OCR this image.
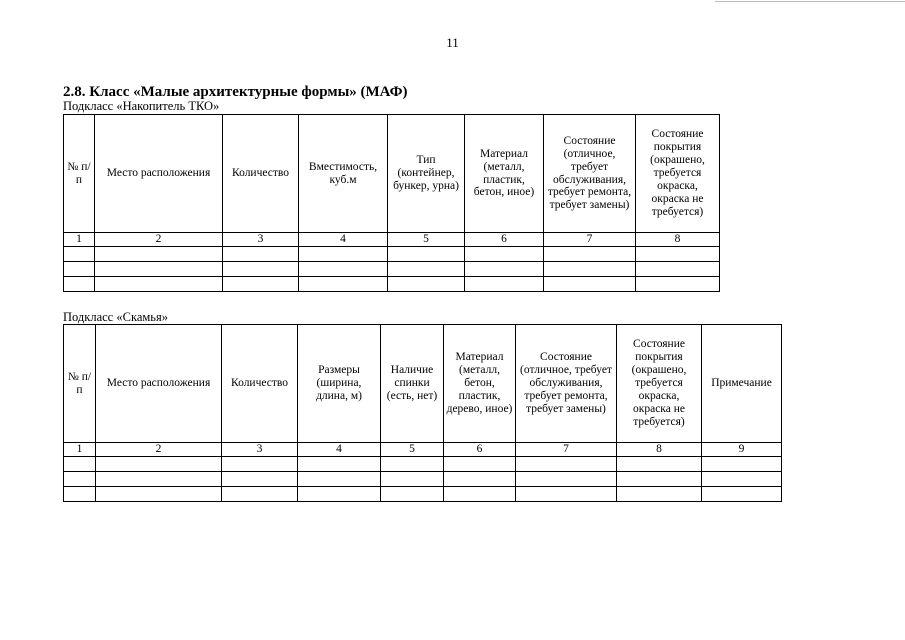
11
2.8. Класс «Малые архитектурные формы» (МАФ)
Подкласс «Накопитель ТКО»
№ п/п	Место расположения	Количество	Вместимость, куб.м	Тип (контейнер, бункер, урна)	Материал (металл, пластик, бетон, иное)	Состояние (отличное, требует обслуживания, требует ремонта, требует замены)	Состояние покрытия (окрашено, требуется окраска, окраска не требуется)
1	2	3	4	5	6	7	8

Подкласс «Скамья»
№ п/п	Место расположения	Количество	Размеры (ширина, длина, м)	Наличие спинки (есть, нет)	Материал (металл, бетон, пластик, дерево, иное)	Состояние (отличное, требует обслуживания, требует ремонта, требует замены)	Состояние покрытия (окрашено, требуется окраска, окраска не требуется)	Примечание
1	2	3	4	5	6	7	8	9
